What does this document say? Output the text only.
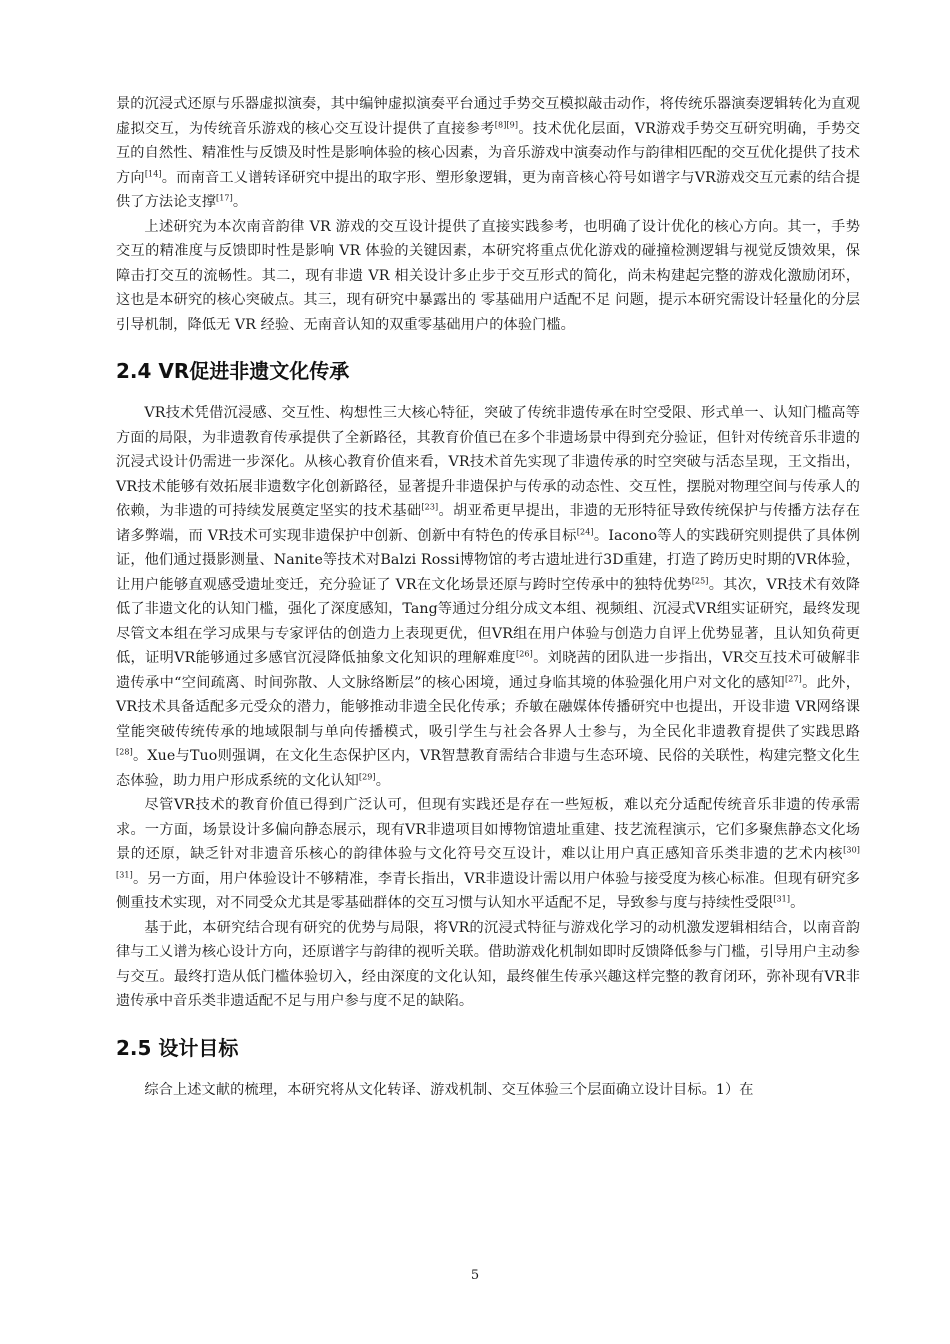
景的沉浸式还原与乐器虚拟演奏，其中编钟虚拟演奏平台通过手势交互模拟敲击动作，将传统乐器演奏逻辑转化为直观虚拟交互，为传统音乐游戏的核心交互设计提供了直接参考[8][9]。技术优化层面，VR游戏手势交互研究明确，手势交互的自然性、精准性与反馈及时性是影响体验的核心因素，为音乐游戏中演奏动作与韵律相匹配的交互优化提供了技术方向[14]。而南音工乂谱转译研究中提出的取字形、塑形象逻辑，更为南音核心符号如谱字与VR游戏交互元素的结合提供了方法论支撑[17]。

上述研究为本次南音韵律 VR 游戏的交互设计提供了直接实践参考，也明确了设计优化的核心方向。其一，手势交互的精准度与反馈即时性是影响 VR 体验的关键因素，本研究将重点优化游戏的碰撞检测逻辑与视觉反馈效果，保障击打交互的流畅性。其二，现有非遗 VR 相关设计多止步于交互形式的简化，尚未构建起完整的游戏化激励闭环，这也是本研究的核心突破点。其三，现有研究中暴露出的 零基础用户适配不足 问题，提示本研究需设计轻量化的分层引导机制，降低无 VR 经验、无南音认知的双重零基础用户的体验门槛。

2.4 VR促进非遗文化传承

VR技术凭借沉浸感、交互性、构想性三大核心特征，突破了传统非遗传承在时空受限、形式单一、认知门槛高等方面的局限，为非遗教育传承提供了全新路径，其教育价值已在多个非遗场景中得到充分验证，但针对传统音乐非遗的沉浸式设计仍需进一步深化。从核心教育价值来看，VR技术首先实现了非遗传承的时空突破与活态呈现，王文指出，VR技术能够有效拓展非遗数字化创新路径，显著提升非遗保护与传承的动态性、交互性，摆脱对物理空间与传承人的依赖，为非遗的可持续发展奠定坚实的技术基础[23]。胡亚希更早提出，非遗的无形特征导致传统保护与传播方法存在诸多弊端，而 VR技术可实现非遗保护中创新、创新中有特色的传承目标[24]。Iacono等人的实践研究则提供了具体例证，他们通过摄影测量、Nanite等技术对Balzi Rossi博物馆的考古遗址进行3D重建，打造了跨历史时期的VR体验，让用户能够直观感受遗址变迁，充分验证了 VR在文化场景还原与跨时空传承中的独特优势[25]。其次，VR技术有效降低了非遗文化的认知门槛，强化了深度感知，Tang等通过分组分成文本组、视频组、沉浸式VR组实证研究，最终发现尽管文本组在学习成果与专家评估的创造力上表现更优，但VR组在用户体验与创造力自评上优势显著，且认知负荷更低，证明VR能够通过多感官沉浸降低抽象文化知识的理解难度[26]。刘晓茜的团队进一步指出，VR交互技术可破解非遗传承中“空间疏离、时间弥散、人文脉络断层”的核心困境，通过身临其境的体验强化用户对文化的感知[27]。此外，VR技术具备适配多元受众的潜力，能够推动非遗全民化传承；乔敏在融媒体传播研究中也提出，开设非遗 VR网络课堂能突破传统传承的地域限制与单向传播模式，吸引学生与社会各界人士参与，为全民化非遗教育提供了实践思路[28]。Xue与Tuo则强调，在文化生态保护区内，VR智慧教育需结合非遗与生态环境、民俗的关联性，构建完整文化生态体验，助力用户形成系统的文化认知[29]。

尽管VR技术的教育价值已得到广泛认可，但现有实践还是存在一些短板，难以充分适配传统音乐非遗的传承需求。一方面，场景设计多偏向静态展示，现有VR非遗项目如博物馆遗址重建、技艺流程演示，它们多聚焦静态文化场景的还原，缺乏针对非遗音乐核心的韵律体验与文化符号交互设计，难以让用户真正感知音乐类非遗的艺术内核[30][31]。另一方面，用户体验设计不够精准，李青长指出，VR非遗设计需以用户体验与接受度为核心标准。但现有研究多侧重技术实现，对不同受众尤其是零基础群体的交互习惯与认知水平适配不足，导致参与度与持续性受限[31]。

基于此，本研究结合现有研究的优势与局限，将VR的沉浸式特征与游戏化学习的动机激发逻辑相结合，以南音韵律与工乂谱为核心设计方向，还原谱字与韵律的视听关联。借助游戏化机制如即时反馈降低参与门槛，引导用户主动参与交互。最终打造从低门槛体验切入，经由深度的文化认知，最终催生传承兴趣这样完整的教育闭环，弥补现有VR非遗传承中音乐类非遗适配不足与用户参与度不足的缺陷。

2.5 设计目标

综合上述文献的梳理，本研究将从文化转译、游戏机制、交互体验三个层面确立设计目标。1）在

5
